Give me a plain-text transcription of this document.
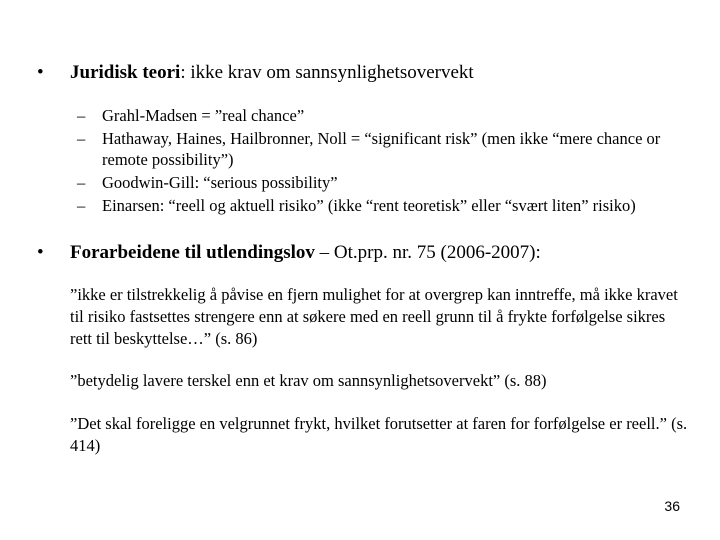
• Juridisk teori: ikke krav om sannsynlighetsovervekt
–	Grahl-Madsen = ”real chance”
–	Hathaway, Haines, Hailbronner, Noll = “significant risk” (men ikke “mere chance or remote possibility”)
–	Goodwin-Gill: “serious possibility”
–	Einarsen: “reell og aktuell risiko” (ikke “rent teoretisk” eller “svært liten” risiko)
• Forarbeidene til utlendingslov – Ot.prp. nr. 75 (2006-2007):
”ikke er tilstrekkelig å påvise en fjern mulighet for at overgrep kan inntreffe, må ikke kravet til risiko fastsettes strengere enn at søkere med en reell grunn til å frykte forfølgelse sikres rett til beskyttelse…” (s. 86)
”betydelig lavere terskel enn et krav om sannsynlighetsovervekt” (s. 88)
”Det skal foreligge en velgrunnet frykt, hvilket forutsetter at faren for forfølgelse er reell.” (s. 414)
36
